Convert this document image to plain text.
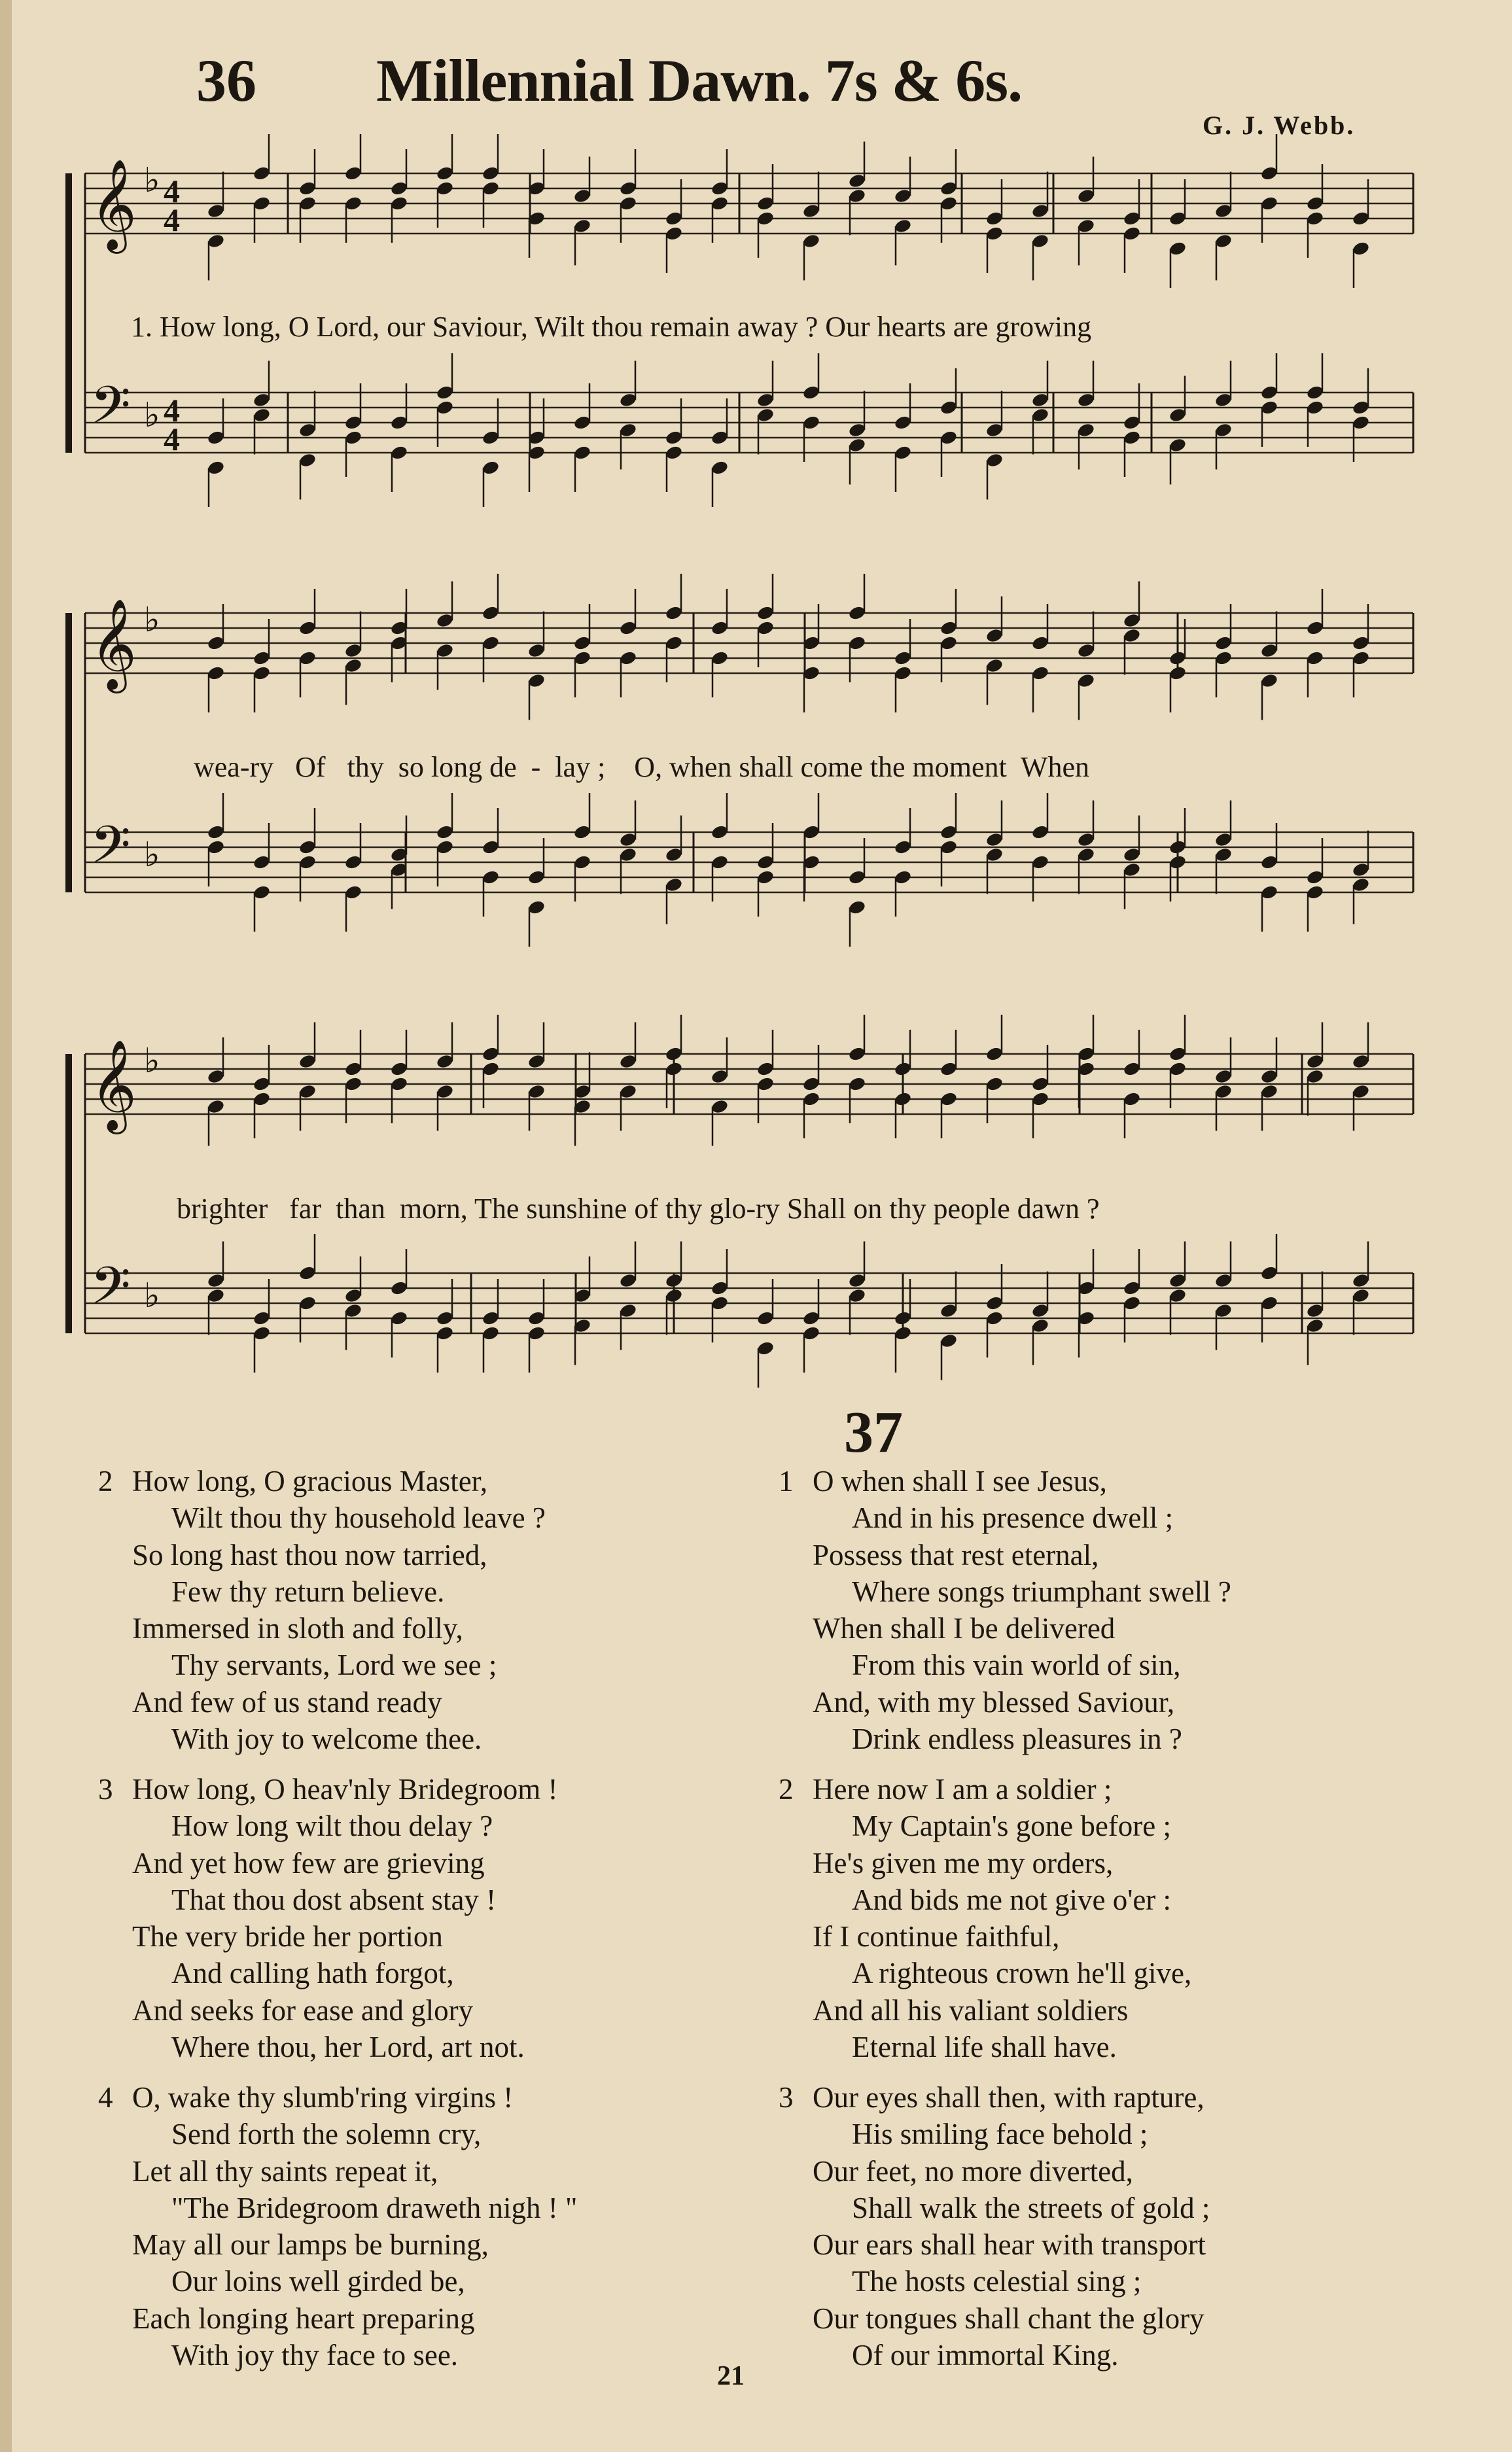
36 Millennial Dawn. 7s & 6s.
G. J. Webb.
𝄞 4
4
♭
𝄢 4
4
♭
𝄞 ♭
𝄢 ♭
𝄞 ♭
𝄢 ♭
1. How long, O Lord, our Saviour, Wilt thou remain away ? Our hearts are growing
wea-ry   Of   thy  so long de  -  lay ;    O, when shall come the moment  When
brighter   far  than  morn, The sunshine of thy glo-ry Shall on thy people dawn ?
37
2 How long, O gracious Master,
Wilt thou thy household leave ?
So long hast thou now tarried,
Few thy return believe.
Immersed in sloth and folly,
Thy servants, Lord we see ;
And few of us stand ready
With joy to welcome thee.
3 How long, O heav'nly Bridegroom !
How long wilt thou delay ?
And yet how few are grieving
That thou dost absent stay !
The very bride her portion
And calling hath forgot,
And seeks for ease and glory
Where thou, her Lord, art not.
4 O, wake thy slumb'ring virgins !
Send forth the solemn cry,
Let all thy saints repeat it,
"The Bridegroom draweth nigh ! "
May all our lamps be burning,
Our loins well girded be,
Each longing heart preparing
With joy thy face to see.
1 O when shall I see Jesus,
And in his presence dwell ;
Possess that rest eternal,
Where songs triumphant swell ?
When shall I be delivered
From this vain world of sin,
And, with my blessed Saviour,
Drink endless pleasures in ?
2 Here now I am a soldier ;
My Captain's gone before ;
He's given me my orders,
And bids me not give o'er :
If I continue faithful,
A righteous crown he'll give,
And all his valiant soldiers
Eternal life shall have.
3 Our eyes shall then, with rapture,
His smiling face behold ;
Our feet, no more diverted,
Shall walk the streets of gold ;
Our ears shall hear with transport
The hosts celestial sing ;
Our tongues shall chant the glory
Of our immortal King.
21
